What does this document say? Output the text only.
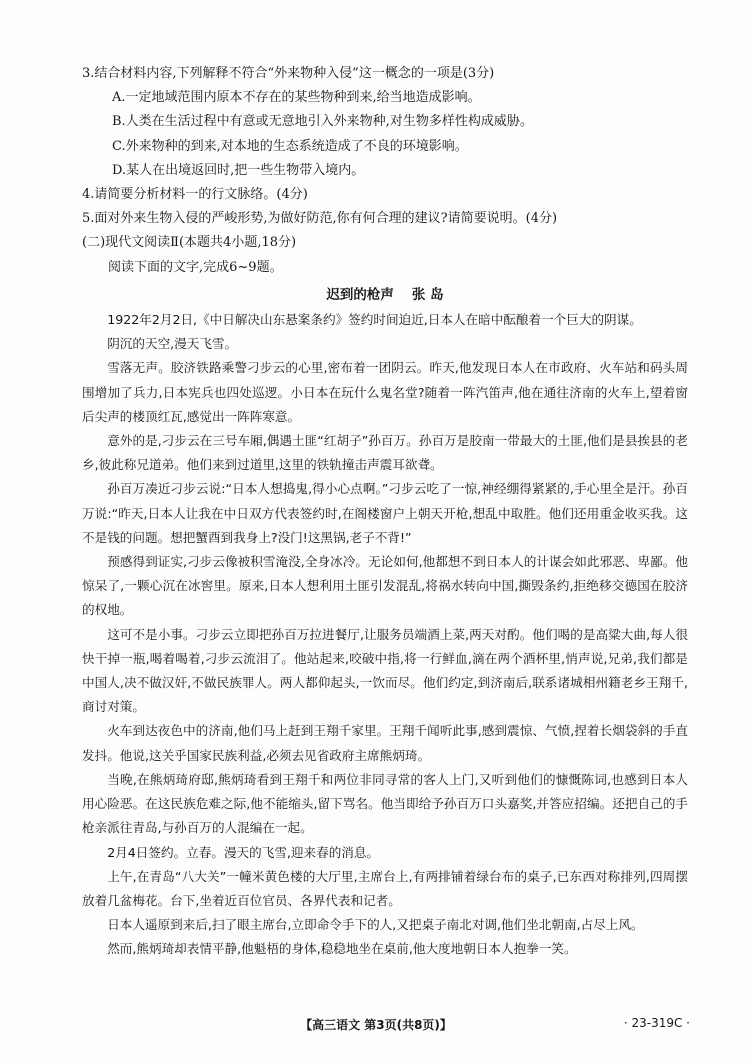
3.结合材料内容,下列解释不符合“外来物种入侵”这一概念的一项是(3分)

A.一定地域范围内原本不存在的某些物种到来,给当地造成影响。

B.人类在生活过程中有意或无意地引入外来物种,对生物多样性构成威胁。

C.外来物种的到来,对本地的生态系统造成了不良的环境影响。

D.某人在出境返回时,把一些生物带入境内。

4.请简要分析材料一的行文脉络。(4分)

5.面对外来生物入侵的严峻形势,为做好防范,你有何合理的建议?请简要说明。(4分)

(二)现代文阅读Ⅱ(本题共4小题,18分)

阅读下面的文字,完成6~9题。

迟到的枪声 张 岛

1922年2月2日,《中日解决山东悬案条约》签约时间迫近,日本人在暗中酝酿着一个巨大的阴谋。

阴沉的天空,漫天飞雪。

雪落无声。胶济铁路乘警刁步云的心里,密布着一团阴云。昨天,他发现日本人在市政府、火车站和码头周围增加了兵力,日本宪兵也四处巡逻。小日本在玩什么鬼名堂?随着一阵汽笛声,他在通往济南的火车上,望着窗后尖声的楼顶红瓦,感觉出一阵阵寒意。

意外的是,刁步云在三号车厢,偶遇土匪“红胡子”孙百万。孙百万是胶南一带最大的土匪,他们是县挨县的老乡,彼此称兄道弟。他们来到过道里,这里的铁轨撞击声震耳欲聋。

孙百万凑近刁步云说:“日本人想捣鬼,得小心点啊。”刁步云吃了一惊,神经绷得紧紧的,手心里全是汗。孙百万说:“昨天,日本人让我在中日双方代表签约时,在阁楼窗户上朝天开枪,想乱中取胜。他们还用重金收买我。这不是钱的问题。想把蟹酉到我身上?没门!这黑锅,老子不背!”

预感得到证实,刁步云像被积雪淹没,全身冰冷。无论如何,他都想不到日本人的计谋会如此邪恶、卑鄙。他惊呆了,一颗心沉在冰窖里。原来,日本人想利用土匪引发混乱,将祸水转向中国,撕毁条约,拒绝移交德国在胶济的权地。

这可不是小事。刁步云立即把孙百万拉进餐厅,让服务员端酒上菜,两天对酌。他们喝的是高粱大曲,每人很快干掉一瓶,喝着喝着,刁步云流泪了。他站起来,咬破中指,将一行鲜血,滴在两个酒杯里,悄声说,兄弟,我们都是中国人,决不做汉奸,不做民族罪人。两人都仰起头,一饮而尽。他们约定,到济南后,联系诸城相州籍老乡王翔千,商讨对策。

火车到达夜色中的济南,他们马上赶到王翔千家里。王翔千闻听此事,感到震惊、气愤,捏着长烟袋斜的手直发抖。他说,这关乎国家民族利益,必须去见省政府主席熊炳琦。

当晚,在熊炳琦府邸,熊炳琦看到王翔千和两位非同寻常的客人上门,又听到他们的慷慨陈词,也感到日本人用心险恶。在这民族危难之际,他不能缩头,留下骂名。他当即给予孙百万口头嘉奖,并答应招编。还把自己的手枪亲派往青岛,与孙百万的人混编在一起。

2月4日签约。立春。漫天的飞雪,迎来春的消息。

上午,在青岛“八大关”一幢米黄色楼的大厅里,主席台上,有两排铺着绿台布的桌子,已东西对称排列,四周摆放着几盆梅花。台下,坐着近百位官员、各界代表和记者。

日本人遥原到来后,扫了眼主席台,立即命令手下的人,又把桌子南北对调,他们坐北朝南,占尽上风。

然而,熊炳琦却表情平静,他魁梧的身体,稳稳地坐在桌前,他大度地朝日本人抱拳一笑。

【高三语文 第3页(共8页)】	· 23-319C ·
